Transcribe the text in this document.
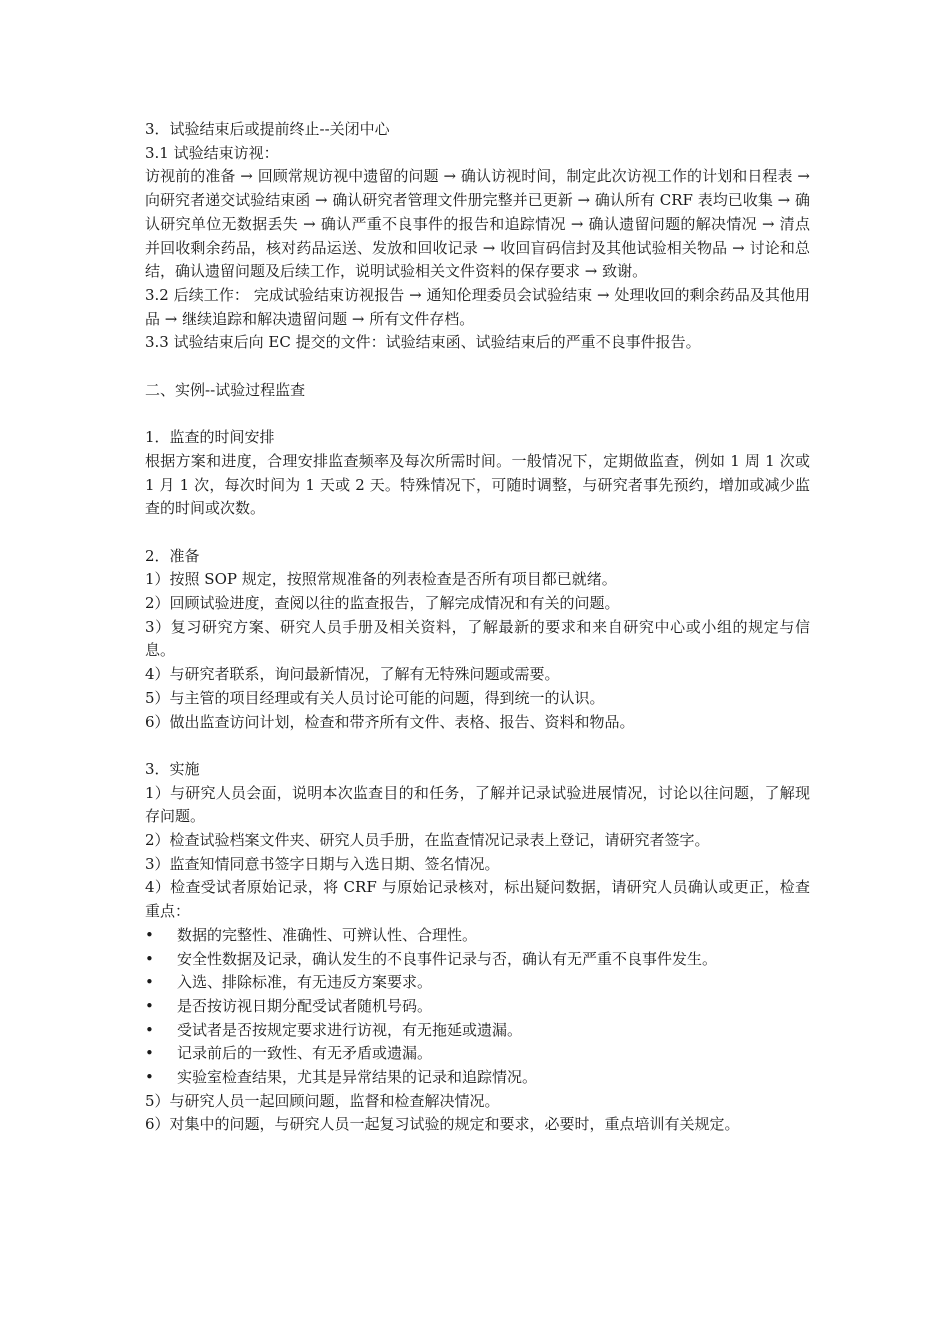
3．试验结束后或提前终止--关闭中心

3.1 试验结束访视：

访视前的准备 → 回顾常规访视中遗留的问题 → 确认访视时间，制定此次访视工作的计划和日程表 → 向研究者递交试验结束函 → 确认研究者管理文件册完整并已更新 → 确认所有 CRF 表均已收集 → 确认研究单位无数据丢失 → 确认严重不良事件的报告和追踪情况 → 确认遗留问题的解决情况 → 清点并回收剩余药品，核对药品运送、发放和回收记录 → 收回盲码信封及其他试验相关物品 → 讨论和总结，确认遗留问题及后续工作，说明试验相关文件资料的保存要求 → 致谢。

3.2 后续工作： 完成试验结束访视报告 → 通知伦理委员会试验结束 → 处理收回的剩余药品及其他用品 → 继续追踪和解决遗留问题 → 所有文件存档。

3.3 试验结束后向 EC 提交的文件：试验结束函、试验结束后的严重不良事件报告。

二、实例--试验过程监查

1．监查的时间安排

根据方案和进度，合理安排监查频率及每次所需时间。一般情况下，定期做监查，例如 1 周 1 次或 1 月 1 次，每次时间为 1 天或 2 天。特殊情况下，可随时调整，与研究者事先预约，增加或减少监查的时间或次数。

2．准备

1）按照 SOP 规定，按照常规准备的列表检查是否所有项目都已就绪。

2）回顾试验进度，查阅以往的监查报告，了解完成情况和有关的问题。

3）复习研究方案、研究人员手册及相关资料，了解最新的要求和来自研究中心或小组的规定与信息。

4）与研究者联系，询问最新情况，了解有无特殊问题或需要。

5）与主管的项目经理或有关人员讨论可能的问题，得到统一的认识。

6）做出监查访问计划，检查和带齐所有文件、表格、报告、资料和物品。

3．实施

1）与研究人员会面，说明本次监查目的和任务，了解并记录试验进展情况，讨论以往问题，了解现存问题。

2）检查试验档案文件夹、研究人员手册，在监查情况记录表上登记，请研究者签字。

3）监查知情同意书签字日期与入选日期、签名情况。

4）检查受试者原始记录，将 CRF 与原始记录核对，标出疑问数据，请研究人员确认或更正，检查重点：

•	数据的完整性、准确性、可辨认性、合理性。
•	安全性数据及记录，确认发生的不良事件记录与否，确认有无严重不良事件发生。
•	入选、排除标准，有无违反方案要求。
•	是否按访视日期分配受试者随机号码。
•	受试者是否按规定要求进行访视，有无拖延或遗漏。
•	记录前后的一致性、有无矛盾或遗漏。
•	实验室检查结果，尤其是异常结果的记录和追踪情况。

5）与研究人员一起回顾问题，监督和检查解决情况。

6）对集中的问题，与研究人员一起复习试验的规定和要求，必要时，重点培训有关规定。
